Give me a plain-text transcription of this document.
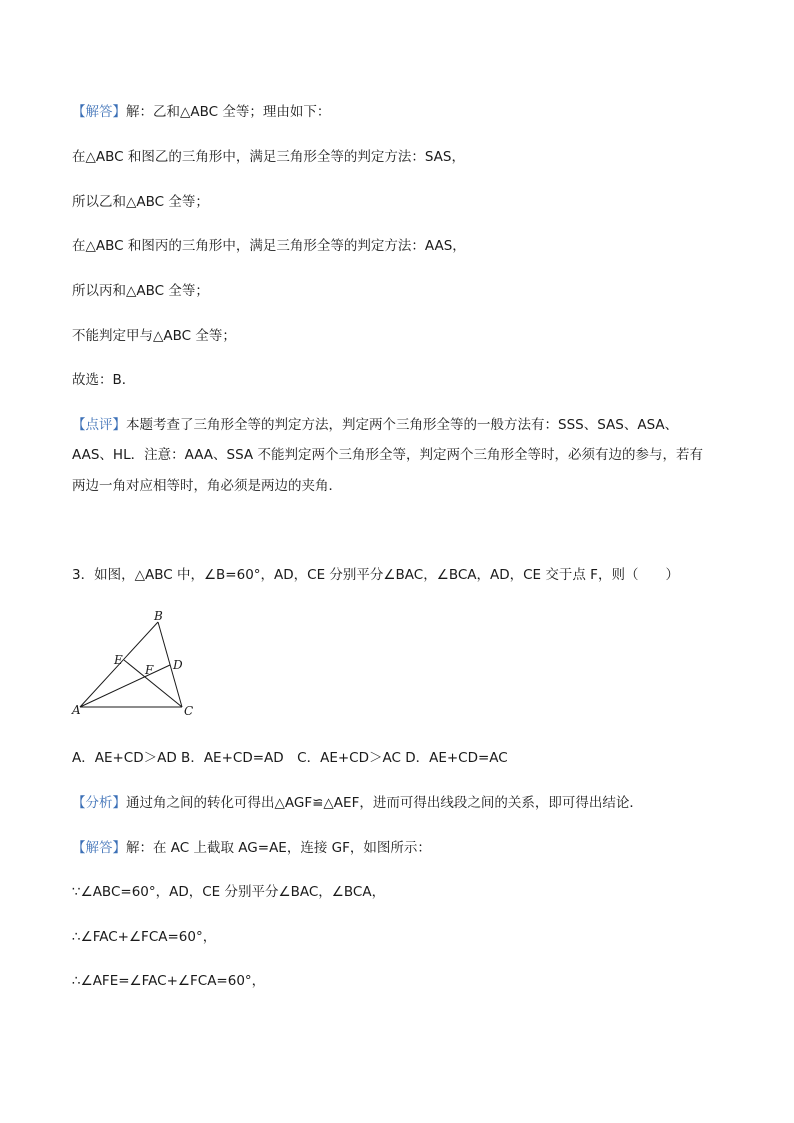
【解答】解：乙和△ABC 全等；理由如下：
在△ABC 和图乙的三角形中，满足三角形全等的判定方法：SAS，
所以乙和△ABC 全等；
在△ABC 和图丙的三角形中，满足三角形全等的判定方法：AAS，
所以丙和△ABC 全等；
不能判定甲与△ABC 全等；
故选：B．
【点评】本题考查了三角形全等的判定方法，判定两个三角形全等的一般方法有：SSS、SAS、ASA、
AAS、HL．注意：AAA、SSA 不能判定两个三角形全等，判定两个三角形全等时，必须有边的参与，若有
两边一角对应相等时，角必须是两边的夹角．
3．如图，△ABC 中，∠B=60°，AD，CE 分别平分∠BAC，∠BCA，AD，CE 交于点 F，则（　　）
A
B
C
D
E
F
A．AE+CD＞AD B．AE+CD=AD　C．AE+CD＞AC D．AE+CD=AC
【分析】通过角之间的转化可得出△AGF≌△AEF，进而可得出线段之间的关系，即可得出结论．
【解答】解：在 AC 上截取 AG=AE，连接 GF，如图所示：
∵∠ABC=60°，AD，CE 分别平分∠BAC，∠BCA，
∴∠FAC+∠FCA=60°，
∴∠AFE=∠FAC+∠FCA=60°，
